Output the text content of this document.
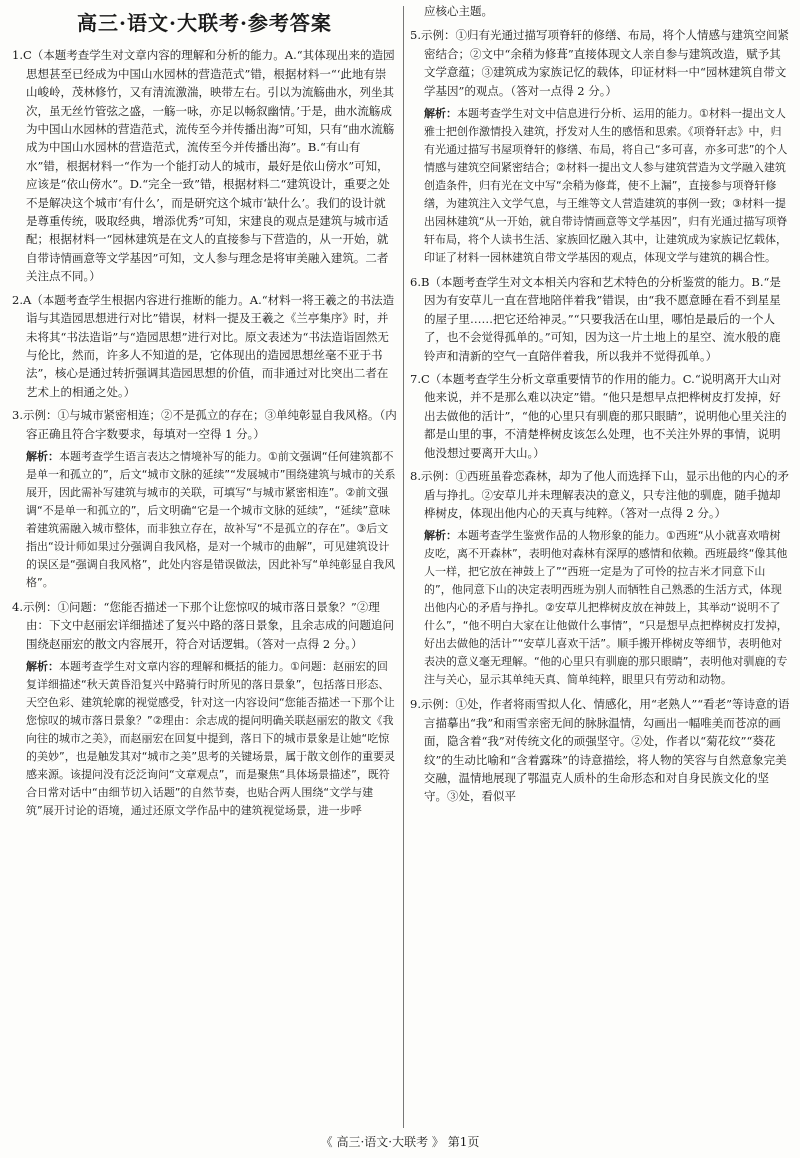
高三·语文·大联考·参考答案
1.C（本题考查学生对文章内容的理解和分析的能力。A.“其体现出来的造园思想甚至已经成为中国山水园林的营造范式”错，根据材料一“‘此地有崇山峻岭，茂林修竹，又有清流激湍，映带左右。引以为流觞曲水，列坐其次，虽无丝竹管弦之盛，一觞一咏，亦足以畅叙幽情。’于是，曲水流觞成为中国山水园林的营造范式，流传至今并传播出海”可知，只有“曲水流觞成为中国山水园林的营造范式，流传至今并传播出海”。B.“有山有水”错，根据材料一“作为一个能打动人的城市，最好是依山傍水”可知，应该是“依山傍水”。D.“完全一致”错，根据材料二“建筑设计，重要之处不是解决这个城市‘有什么’，而是研究这个城市‘缺什么’。我们的设计就是尊重传统，吸取经典，增添优秀”可知，宋建良的观点是建筑与城市适配；根据材料一“园林建筑是在文人的直接参与下营造的，从一开始，就自带诗情画意等文学基因”可知，文人参与理念是将审美融入建筑。二者关注点不同。）
2.A（本题考查学生根据内容进行推断的能力。A.“材料一将王羲之的书法造诣与其造园思想进行对比”错误，材料一提及王羲之《兰亭集序》时，并未将其“书法造诣”与“造园思想”进行对比。原文表述为“书法造诣固然无与伦比，然而，许多人不知道的是，它体现出的造园思想丝毫不亚于书法”，核心是通过转折强调其造园思想的价值，而非通过对比突出二者在艺术上的相通之处。）
3.示例：①与城市紧密相连；②不是孤立的存在；③单纯彰显自我风格。（内容正确且符合字数要求，每填对一空得 1 分。）
解析：本题考查学生语言表达之情境补写的能力。①前文强调“任何建筑都不是单一和孤立的”，后文“城市文脉的延续”“发展城市”围绕建筑与城市的关系展开，因此需补写建筑与城市的关联，可填写“与城市紧密相连”。②前文强调“不是单一和孤立的”，后文明确“它是一个城市文脉的延续”，“延续”意味着建筑需融入城市整体，而非独立存在，故补写“不是孤立的存在”。③后文指出“设计师如果过分强调自我风格，是对一个城市的曲解”，可见建筑设计的误区是“强调自我风格”，此处内容是错误做法，因此补写“单纯彰显自我风格”。
4.示例：①问题：“您能否描述一下那个让您惊叹的城市落日景象？”②理由：下文中赵丽宏详细描述了复兴中路的落日景象，且余志成的问题追问围绕赵丽宏的散文内容展开，符合对话逻辑。（答对一点得 2 分。）
解析：本题考查学生对文章内容的理解和概括的能力。①问题：赵丽宏的回复详细描述“秋天黄昏沿复兴中路骑行时所见的落日景象”，包括落日形态、天空色彩、建筑轮廓的视觉感受，针对这一内容设问“您能否描述一下那个让您惊叹的城市落日景象？”②理由：余志成的提问明确关联赵丽宏的散文《我向往的城市之美》，而赵丽宏在回复中提到，落日下的城市景象是让她“吃惊的美妙”，也是触发其对“城市之美”思考的关键场景，属于散文创作的重要灵感来源。该提问没有泛泛询问“文章观点”，而是聚焦“具体场景描述”，既符合日常对话中“由细节切入话题”的自然节奏，也贴合两人围绕“文学与建筑”展开讨论的语境，通过还原文学作品中的建筑视觉场景，进一步呼
应核心主题。
5.示例：①归有光通过描写项脊轩的修缮、布局，将个人情感与建筑空间紧密结合；②文中“余稍为修葺”直接体现文人亲自参与建筑改造，赋予其文学意蕴；③建筑成为家族记忆的载体，印证材料一中“园林建筑自带文学基因”的观点。（答对一点得 2 分。）
解析：本题考查学生对文中信息进行分析、运用的能力。①材料一提出文人雅士把创作激情投入建筑，抒发对人生的感悟和思索。《项脊轩志》中，归有光通过描写书屋项脊轩的修缮、布局，将自己“多可喜，亦多可悲”的个人情感与建筑空间紧密结合；②材料一提出文人参与建筑营造为文学融入建筑创造条件，归有光在文中写“余稍为修葺，使不上漏”，直接参与项脊轩修缮，为建筑注入文学气息，与王维等文人营造建筑的事例一致；③材料一提出园林建筑“从一开始，就自带诗情画意等文学基因”，归有光通过描写项脊轩布局，将个人读书生活、家族回忆融入其中，让建筑成为家族记忆载体，印证了材料一园林建筑自带文学基因的观点，体现文学与建筑的耦合性。
6.B（本题考查学生对文本相关内容和艺术特色的分析鉴赏的能力。B.“是因为有安草儿一直在营地陪伴着我”错误，由“我不愿意睡在看不到星星的屋子里……把它还给神灵。”“只要我活在山里，哪怕是最后的一个人了，也不会觉得孤单的。”可知，因为这一片土地上的星空、流水般的鹿铃声和清新的空气一直陪伴着我，所以我并不觉得孤单。）
7.C（本题考查学生分析文章重要情节的作用的能力。C.“说明离开大山对他来说，并不是那么难以决定”错。“他只是想早点把桦树皮打发掉，好出去做他的活计”，“他的心里只有驯鹿的那只眼睛”，说明他心里关注的都是山里的事，不清楚桦树皮该怎么处理，也不关注外界的事情，说明他没想过要离开大山。）
8.示例：①西班虽眷恋森林，却为了他人而选择下山，显示出他的内心的矛盾与挣扎。②安草儿并未理解表决的意义，只专注他的驯鹿，随手抛却桦树皮，体现出他内心的天真与纯粹。（答对一点得 2 分。）
解析：本题考查学生鉴赏作品的人物形象的能力。①西班“从小就喜欢啃树皮吃，离不开森林”，表明他对森林有深厚的感情和依赖。西班最终“像其他人一样，把它放在神鼓上了”“西班一定是为了可怜的拉吉米才同意下山的”，他同意下山的决定表明西班为别人而牺牲自己熟悉的生活方式，体现出他内心的矛盾与挣扎。②安草儿把桦树皮放在神鼓上，其举动“说明不了什么”，“他不明白大家在让他做什么事情”，“只是想早点把桦树皮打发掉，好出去做他的活计”“安草儿喜欢干活”。顺手搬开桦树皮等细节，表明他对表决的意义毫无理解。“他的心里只有驯鹿的那只眼睛”，表明他对驯鹿的专注与关心，显示其单纯天真、简单纯粹，眼里只有劳动和动物。
9.示例：①处，作者将雨雪拟人化、情感化，用“老熟人”“看老”等诗意的语言描摹出“我”和雨雪亲密无间的脉脉温情，勾画出一幅唯美而苍凉的画面，隐含着“我”对传统文化的顽强坚守。②处，作者以“菊花纹”“葵花纹”的生动比喻和“含着露珠”的诗意描绘，将人物的笑容与自然意象完美交融，温情地展现了鄂温克人质朴的生命形态和对自身民族文化的坚守。③处，看似平
《 高三·语文·大联考 》 第1页
